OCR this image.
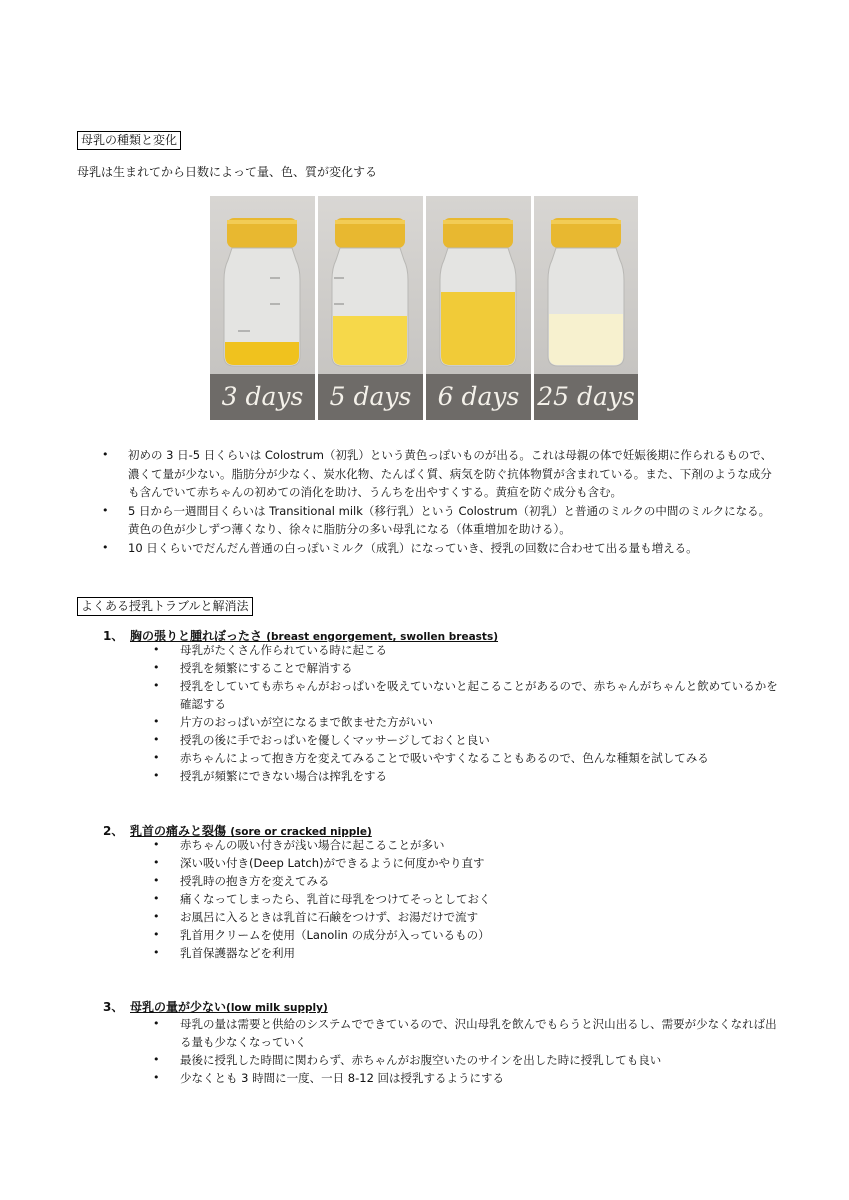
母乳の種類と変化
母乳は生まれてから日数によって量、色、質が変化する
3 days	5 days	6 days 25 days
• 初めの 3 日-5 日くらいは Colostrum（初乳）という黄色っぽいものが出る。これは母親の体で妊娠後期に作られるもので、濃くて量が少ない。脂肪分が少なく、炭水化物、たんぱく質、病気を防ぐ抗体物質が含まれている。また、下剤のような成分も含んでいて赤ちゃんの初めての消化を助け、うんちを出やすくする。黄疸を防ぐ成分も含む。
• 5 日から一週間目くらいは Transitional milk（移行乳）という Colostrum（初乳）と普通のミルクの中間のミルクになる。黄色の色が少しずつ薄くなり、徐々に脂肪分の多い母乳になる（体重増加を助ける）。
• 10 日くらいでだんだん普通の白っぽいミルク（成乳）になっていき、授乳の回数に合わせて出る量も増える。
よくある授乳トラブルと解消法
1、 胸の張りと腫れぼったさ (breast engorgement, swollen breasts)
• 母乳がたくさん作られている時に起こる
• 授乳を頻繁にすることで解消する
• 授乳をしていても赤ちゃんがおっぱいを吸えていないと起こることがあるので、赤ちゃんがちゃんと飲めているかを確認する
• 片方のおっぱいが空になるまで飲ませた方がいい
• 授乳の後に手でおっぱいを優しくマッサージしておくと良い
• 赤ちゃんによって抱き方を変えてみることで吸いやすくなることもあるので、色んな種類を試してみる
• 授乳が頻繁にできない場合は搾乳をする
2、 乳首の痛みと裂傷 (sore or cracked nipple)
• 赤ちゃんの吸い付きが浅い場合に起こることが多い
• 深い吸い付き(Deep Latch)ができるように何度かやり直す
• 授乳時の抱き方を変えてみる
• 痛くなってしまったら、乳首に母乳をつけてそっとしておく
• お風呂に入るときは乳首に石鹸をつけず、お湯だけで流す
• 乳首用クリームを使用（Lanolin の成分が入っているもの）
• 乳首保護器などを利用
3、 母乳の量が少ない(low milk supply)
• 母乳の量は需要と供給のシステムでできているので、沢山母乳を飲んでもらうと沢山出るし、需要が少なくなれば出る量も少なくなっていく
• 最後に授乳した時間に関わらず、赤ちゃんがお腹空いたのサインを出した時に授乳しても良い
• 少なくとも 3 時間に一度、一日 8-12 回は授乳するようにする
